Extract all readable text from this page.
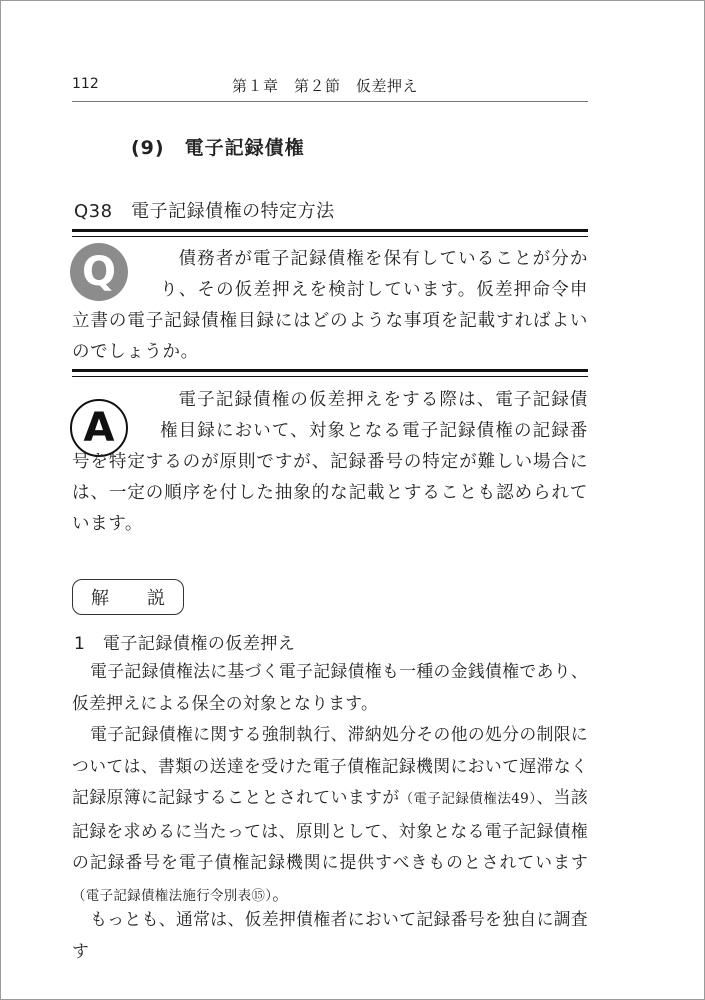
112	第１章　第２節　仮差押え
(9)　電子記録債権
Q38　電子記録債権の特定方法
Q	債務者が電子記録債権を保有していることが分かり、その仮差押えを検討しています。仮差押命令申立書の電子記録債権目録にはどのような事項を記載すればよいのでしょうか。
A
電子記録債権の仮差押えをする際は、電子記録債権目録において、対象となる電子記録債権の記録番号を特定するのが原則ですが、記録番号の特定が難しい場合には、一定の順序を付した抽象的な記載とすることも認められています。
解　説
1　電子記録債権の仮差押え
電子記録債権法に基づく電子記録債権も一種の金銭債権であり、仮差押えによる保全の対象となります。
電子記録債権に関する強制執行、滞納処分その他の処分の制限については、書類の送達を受けた電子債権記録機関において遅滞なく記録原簿に記録することとされていますが（電子記録債権法49）、当該記録を求めるに当たっては、原則として、対象となる電子記録債権の記録番号を電子債権記録機関に提供すべきものとされています（電子記録債権法施行令別表⑮）。
もっとも、通常は、仮差押債権者において記録番号を独自に調査す
